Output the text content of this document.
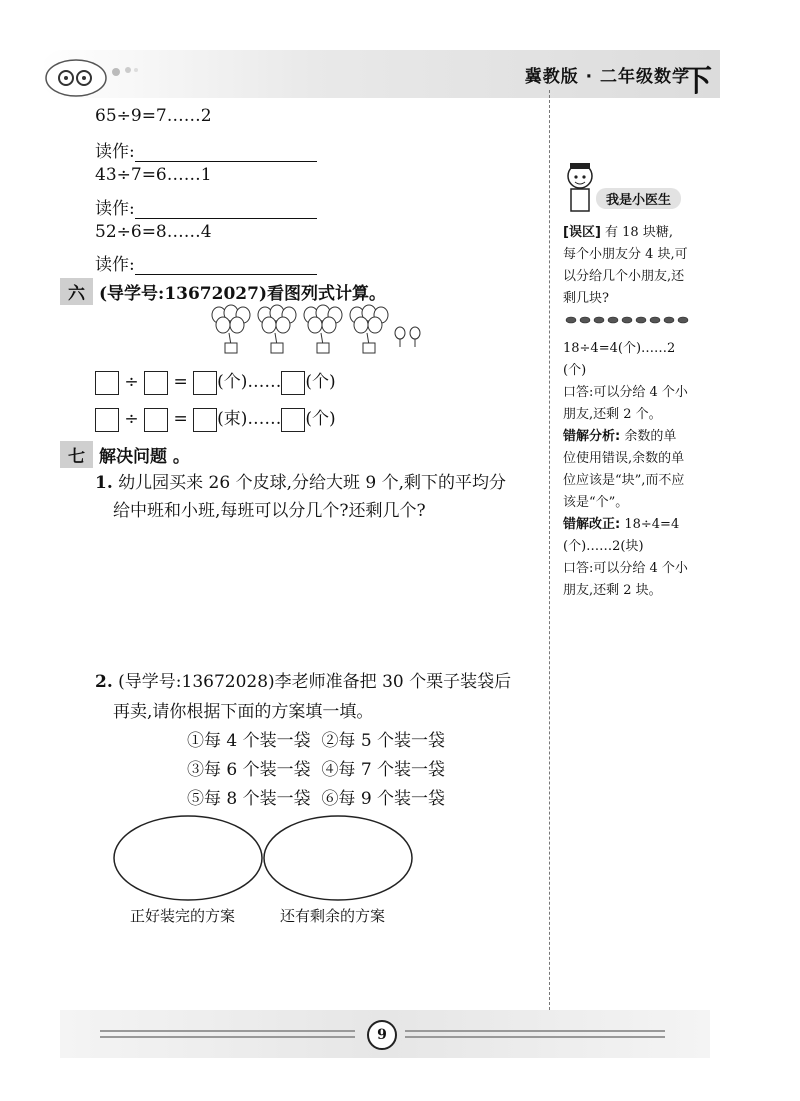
冀教版 · 二年级数学
下
65÷9=7……2
读作:
43÷7=6……1
读作:
52÷6=8……4
读作:
六 (导学号:13672027)看图列式计算。
÷ = (个)…… (个)
÷ = (束)…… (个)
七 解决问题 。
1. 幼儿园买来 26 个皮球,分给大班 9 个,剩下的平均分
给中班和小班,每班可以分几个?还剩几个?
2. (导学号:13672028)李老师准备把 30 个栗子装袋后
再卖,请你根据下面的方案填一填。
①每 4 个装一袋 ②每 5 个装一袋
③每 6 个装一袋 ④每 7 个装一袋
⑤每 8 个装一袋 ⑥每 9 个装一袋
正好装完的方案	还有剩余的方案
我是小医生
[误区] 有 18 块糖,
每个小朋友分 4 块,可
以分给几个小朋友,还
剩几块?
18÷4=4(个)……2
(个)
口答:可以分给 4 个小
朋友,还剩 2 个。
错解分析: 余数的单
位使用错误,余数的单
位应该是“块”,而不应
该是“个”。
错解改正: 18÷4=4
(个)……2(块)
口答:可以分给 4 个小
朋友,还剩 2 块。
9
